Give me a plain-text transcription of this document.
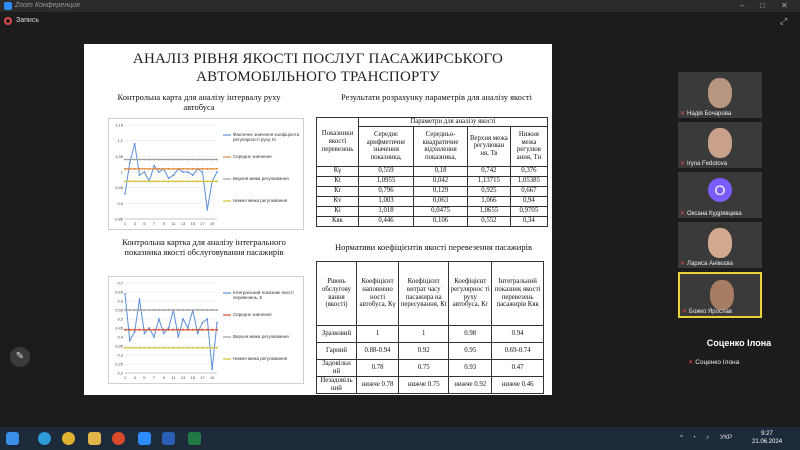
Zoom Конференция	– □ ✕
Запись	⤢
АНАЛІЗ РІВНЯ ЯКОСТІ ПОСЛУГ ПАСАЖИРСЬКОГО
АВТОМОБІЛЬНОГО ТРАНСПОРТУ
Контрольна карта для аналізу інтервалу руху автобуса
Результати розрахунку параметрів для аналізу якості
1,15
1,1
1,05
1
0,95
0,9
0,85
1 3 5 7 9 11 13 15 17 19
Фактичне значення коефіцієнта регулярності руху, Кi
Середнє значення
Верхня межа регулювання
Нижня межа регулювання
Показники якості перевезень	Параметри для аналізу якості			
	Середнє арифметичне значення показника,	Середньо-квадратичне відхилення показника,	Верхня межа регулюван ня, Тв	Нижня межа регулюв ання, Тн
Кγ	0,559	0,18	0,742	0,376
Кt	1,0955	0,042	1,13715	1,05385
Кr	0,796	0,129	0,925	0,667
Кv	1,003	0,063	1,066	0,94
Кi	1,018	0,0475	1,0655	0,9705
Кяк	0,446	0,106	0,552	0,34
Контрольна картка для аналізу інтегрального показника якості обслуговування пасажирів	Нормативи коефіцієнтів якості перевезення пасажирів
0,7
0,65
0,6
0,55
0,5
0,45
0,4
0,35
0,3
0,25
0,2
1 3 5 7 9 11 13 15 17 19
Інтегральний показник якості перевезень, К
Середнє значення
Верхня межа регулювання
Нижня межа регулювання
Рівень обслугову вання (якості)	Коефіцієнт наповненo ності автобуса, Кγ	Коефіцієнт витрат часу пасажира на пересування, Кt	Коефіцієнт регулярнос ті руху автобуса, Кr	Інтегральний показник якості перевезень пасажирів Кяк
Зразковий	1	1	0.98	0.94
Гарний	0.88-0.94	0.92	0.95	0.69-0.74
Задовільн ий	0.78	0.75	0.93	0.47
Незадовіль ний	нижче 0.78	нижче 0.75	нижче 0.92	нижче 0.46
✎
✕ Надія Бочарова
✕ Iryna Fedotova
О
✕ Оксана Кудрявцева
✕ Лариса Анікєєва
✕ Божко Ярослав
Соценко Ілона
✕ Соценко Ілона
^ ◔ ♪ УКР	9:27
21.06.2024
